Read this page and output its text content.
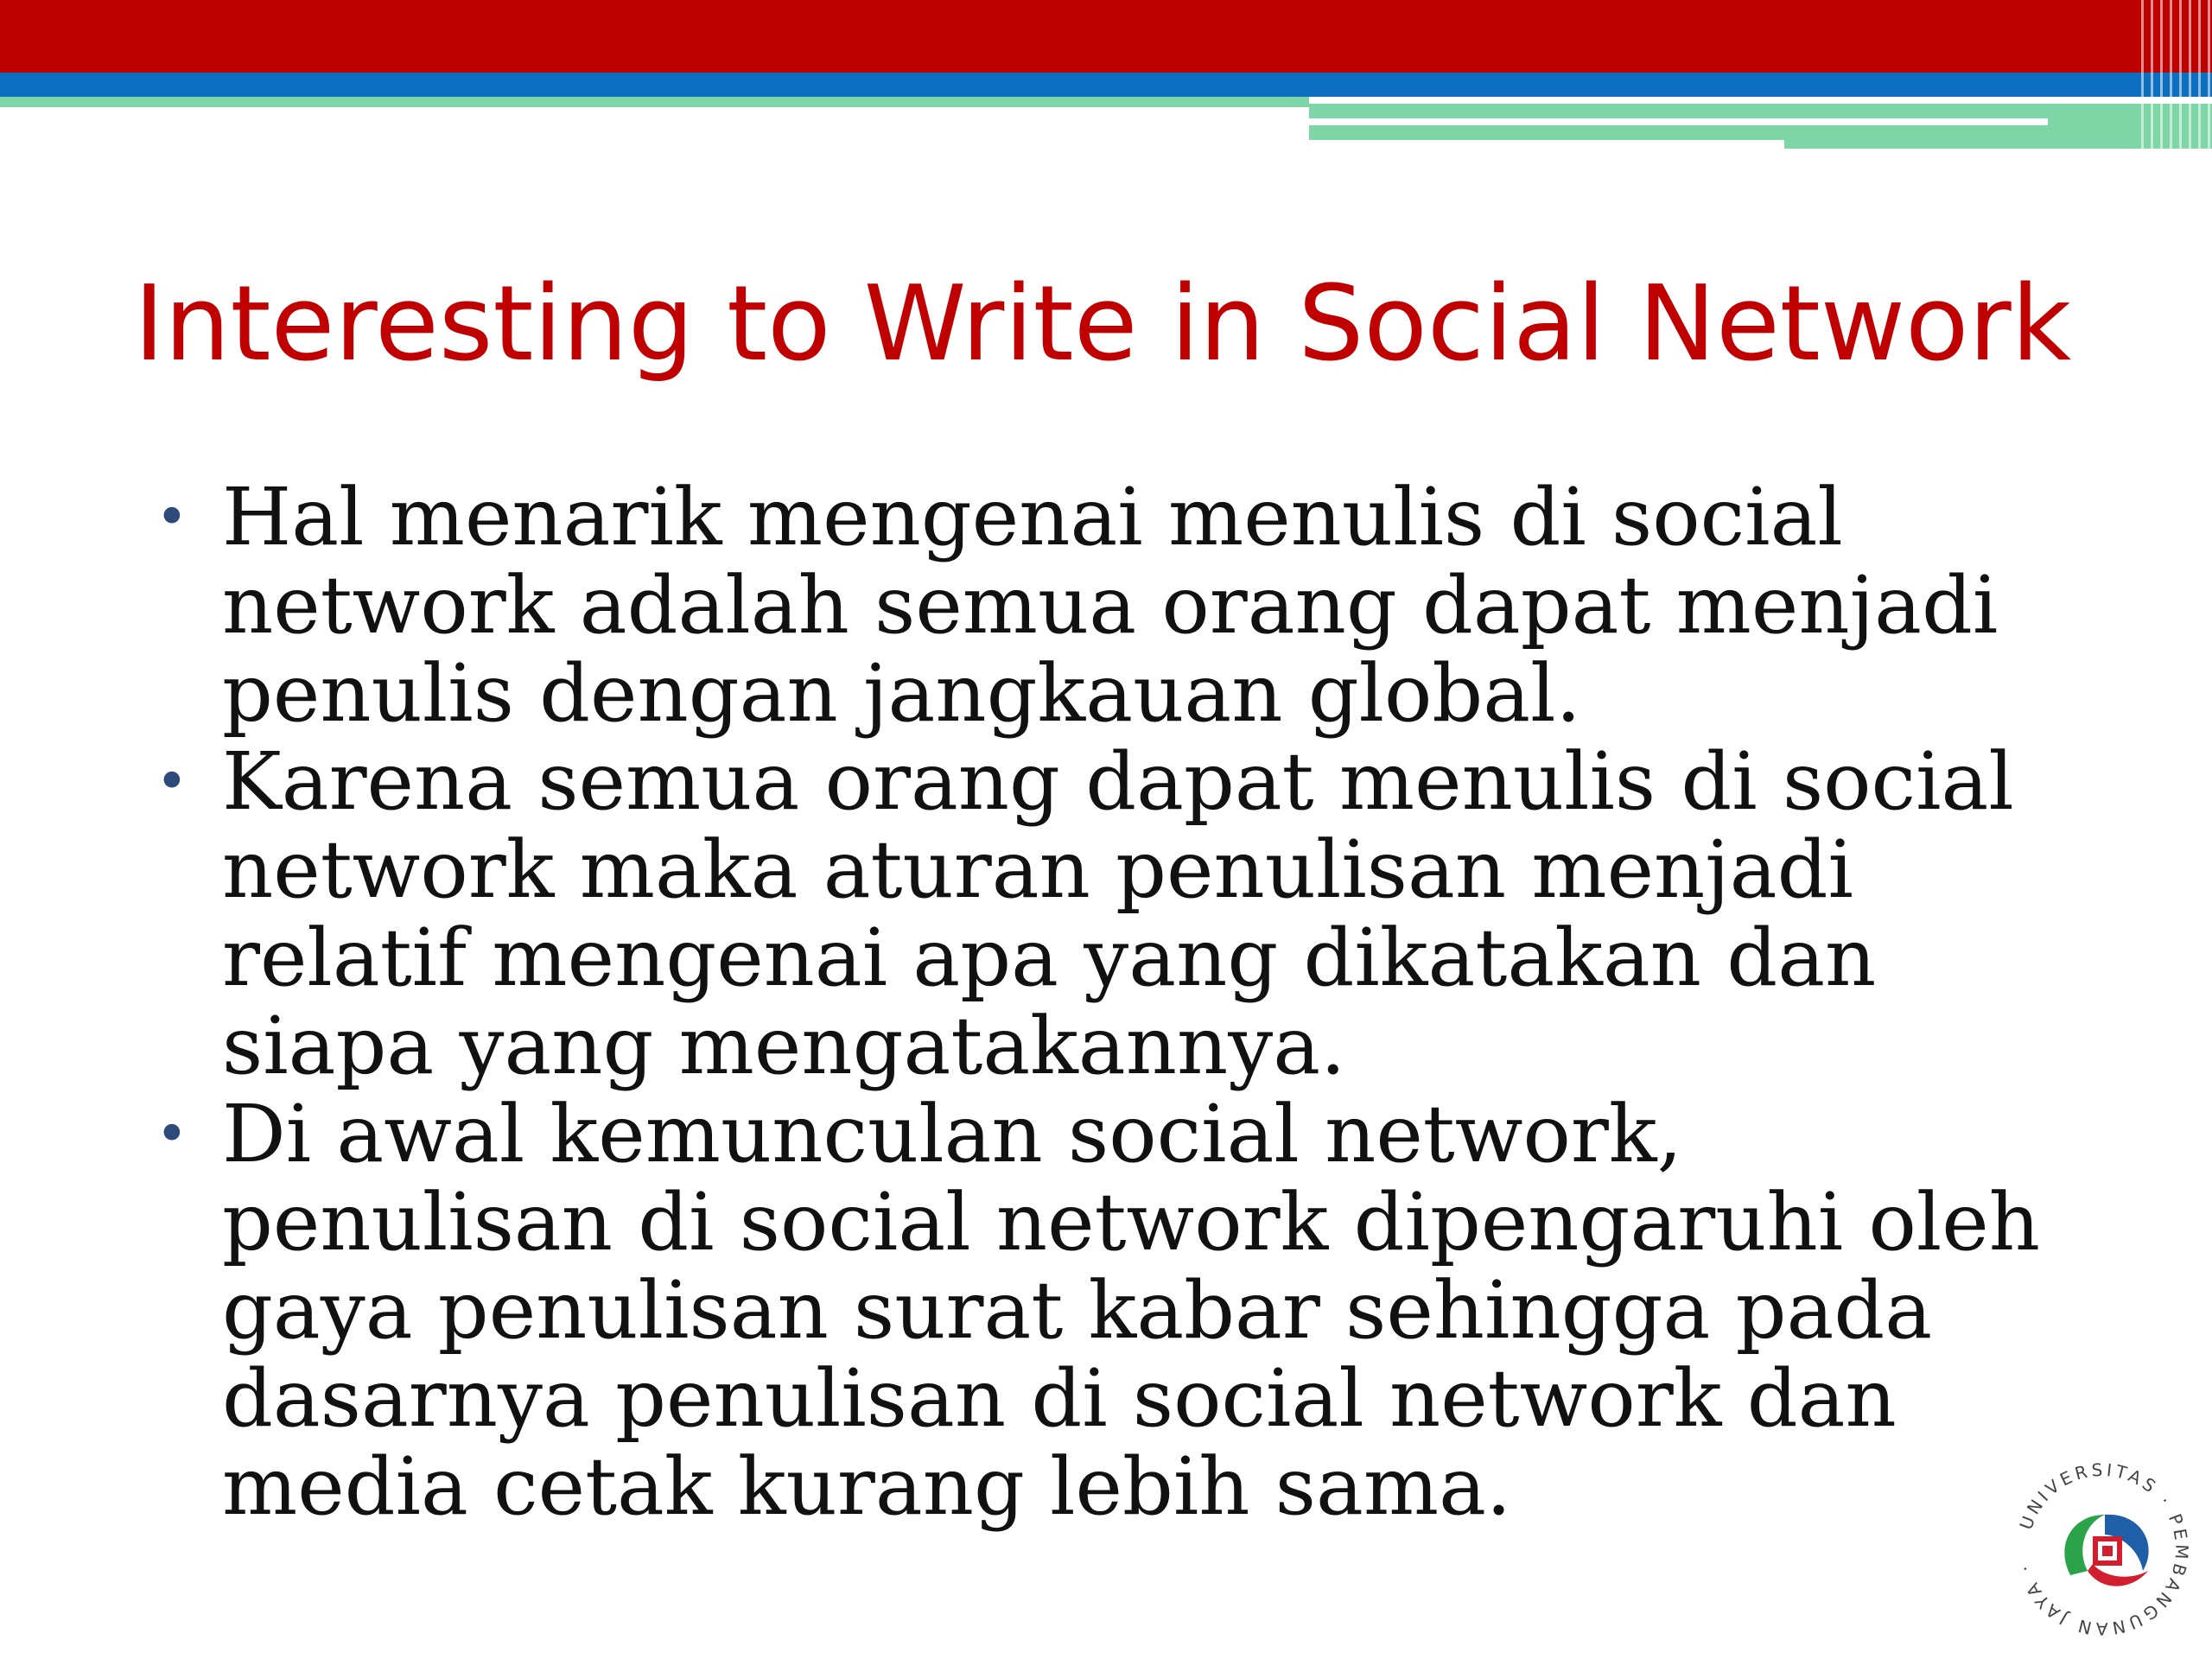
Interesting to Write in Social Network
• Hal menarik mengenai menulis di social network adalah semua orang dapat menjadi penulis dengan jangkauan global.
• Karena semua orang dapat menulis di social network maka aturan penulisan menjadi relatif mengenai apa yang dikatakan dan siapa yang mengatakannya.
• Di awal kemunculan social network, penulisan di social network dipengaruhi oleh gaya penulisan surat kabar sehingga pada dasarnya penulisan di social network dan media cetak kurang lebih sama.	UNIVERSITAS · PEMBANGUNAN JAYA ·
